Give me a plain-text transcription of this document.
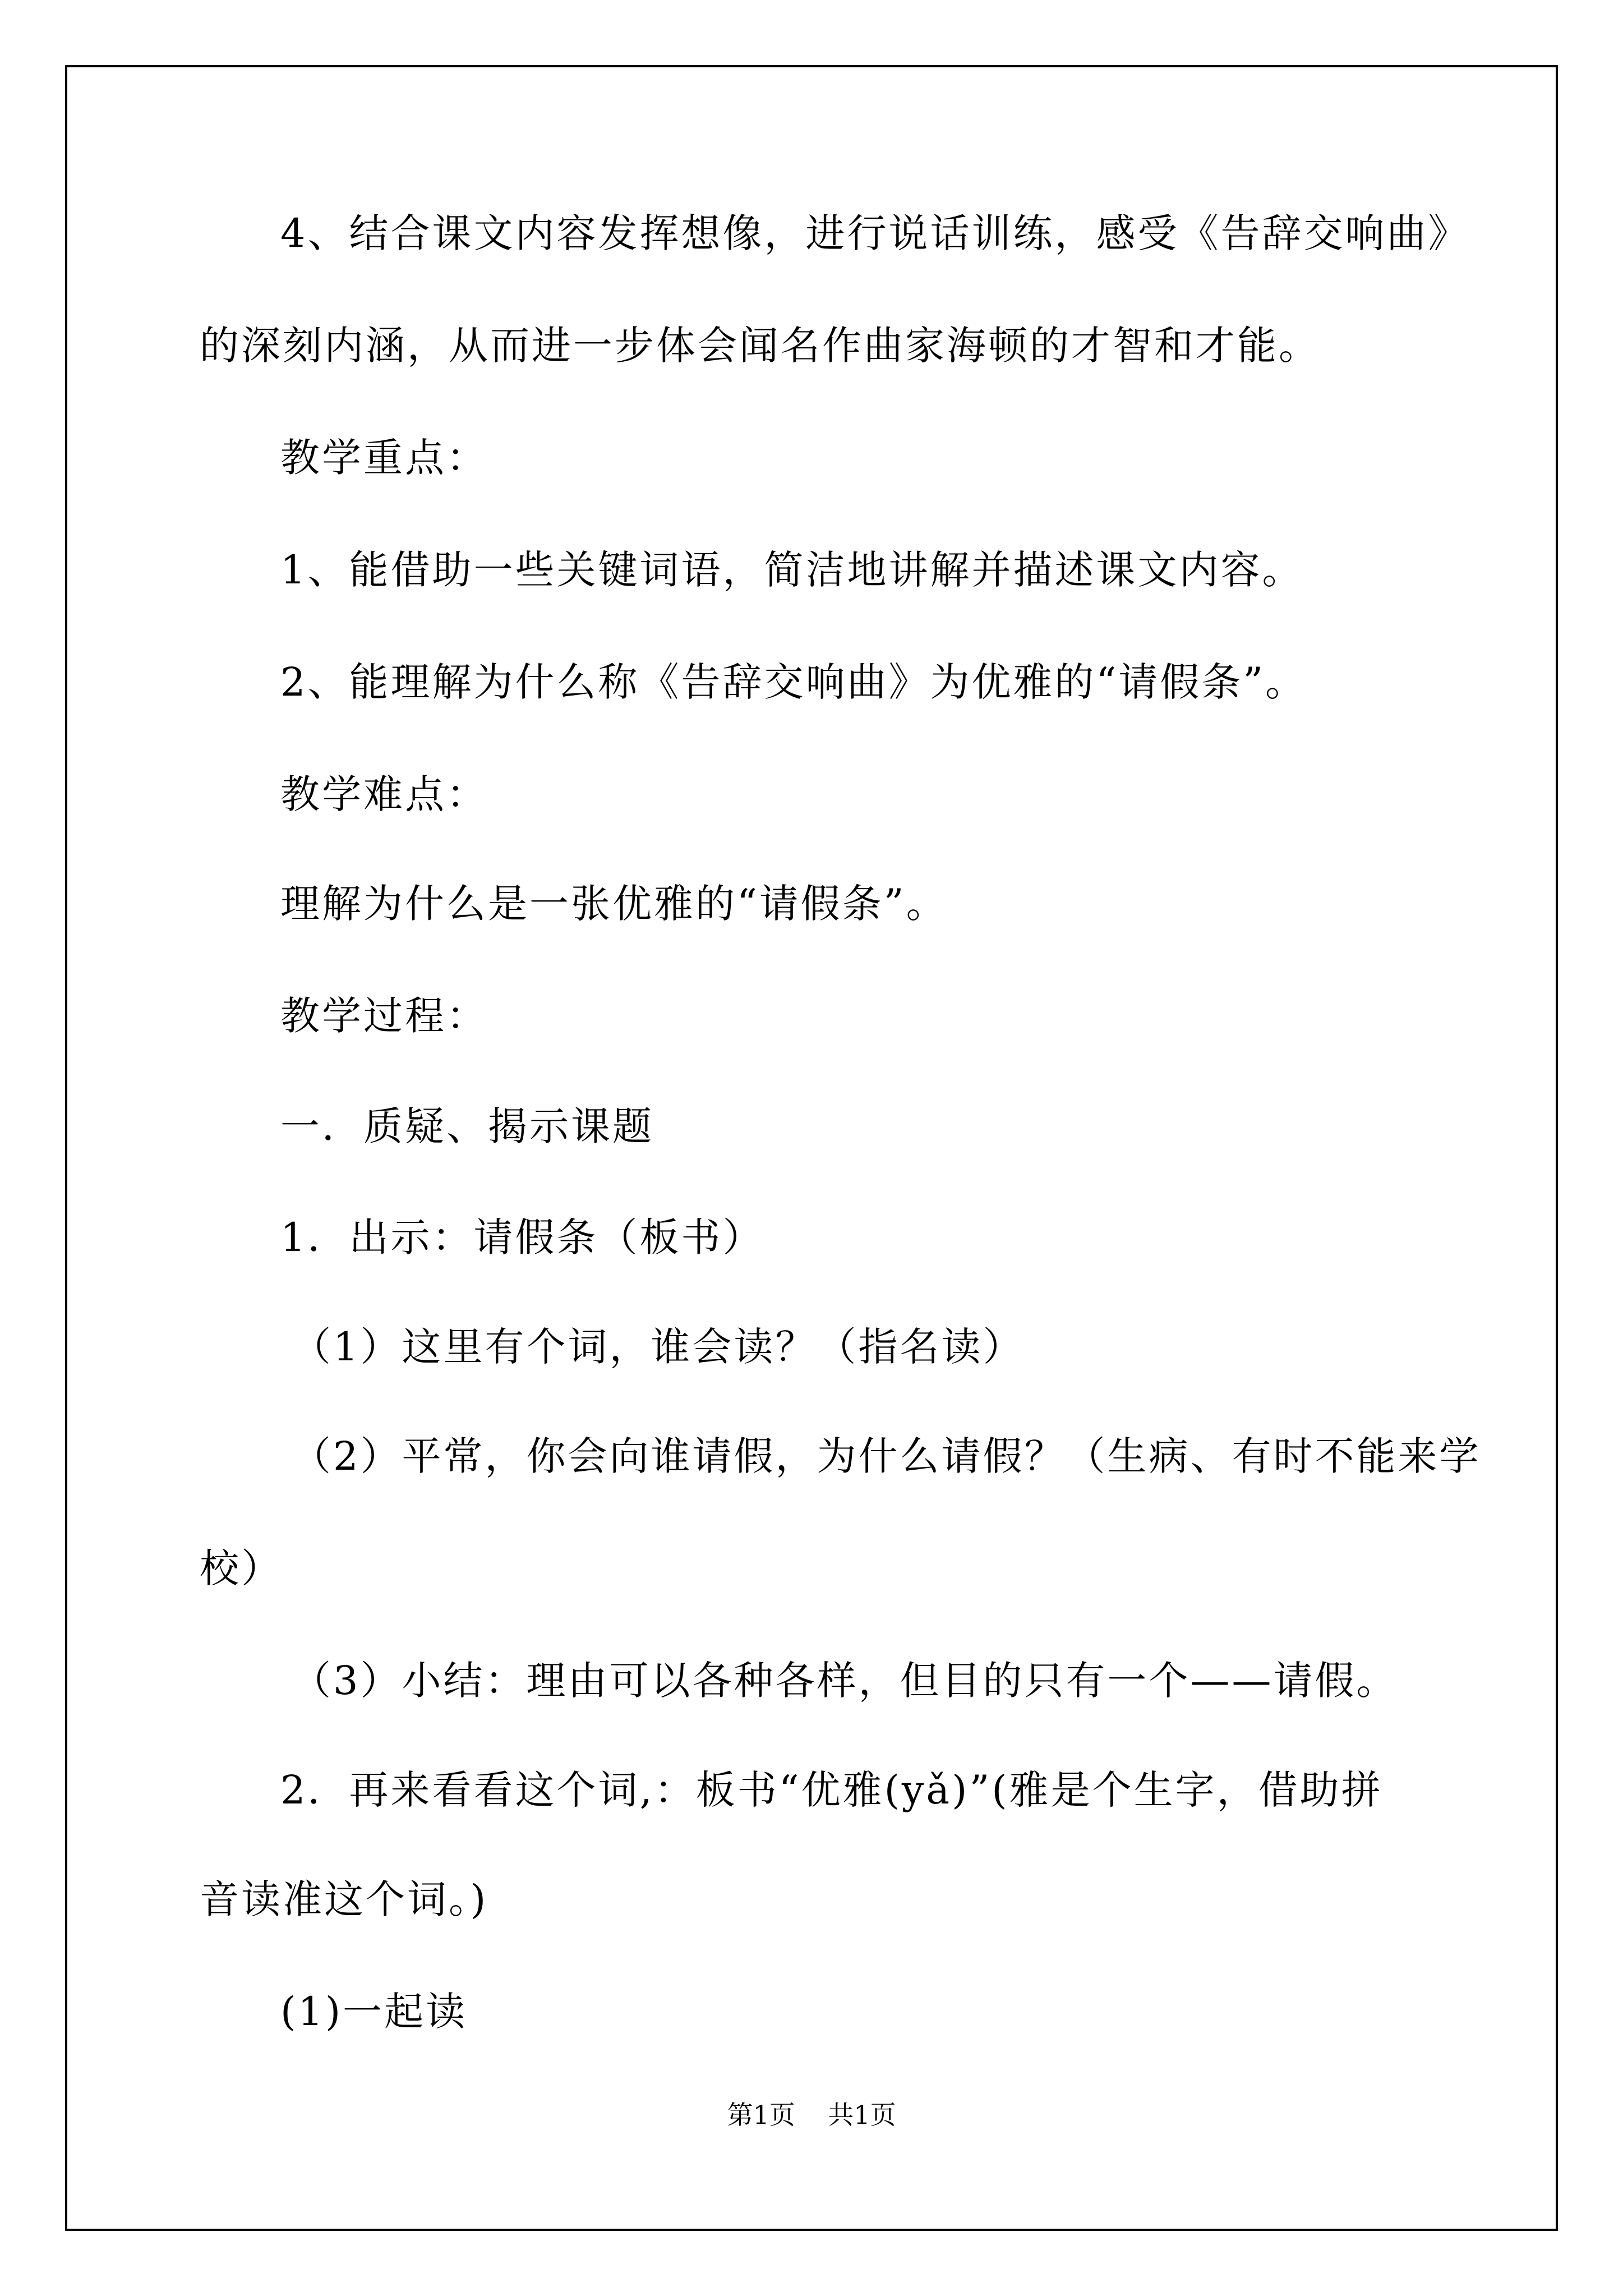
4、结合课文内容发挥想像，进行说话训练，感受《告辞交响曲》
的深刻内涵，从而进一步体会闻名作曲家海顿的才智和才能。
教学重点：
1、能借助一些关键词语，简洁地讲解并描述课文内容。
2、能理解为什么称《告辞交响曲》为优雅的“请假条”。
教学难点：
理解为什么是一张优雅的“请假条”。
教学过程：
一．质疑、揭示课题
1．出示：请假条（板书）
（1）这里有个词，谁会读？（指名读）
（2）平常，你会向谁请假，为什么请假？（生病、有时不能来学
校）
（3）小结：理由可以各种各样，但目的只有一个——请假。
2．再来看看这个词,：板书“优雅(yǎ)”(雅是个生字，借助拼
音读准这个词。)
(1)一起读
第1页 共1页
